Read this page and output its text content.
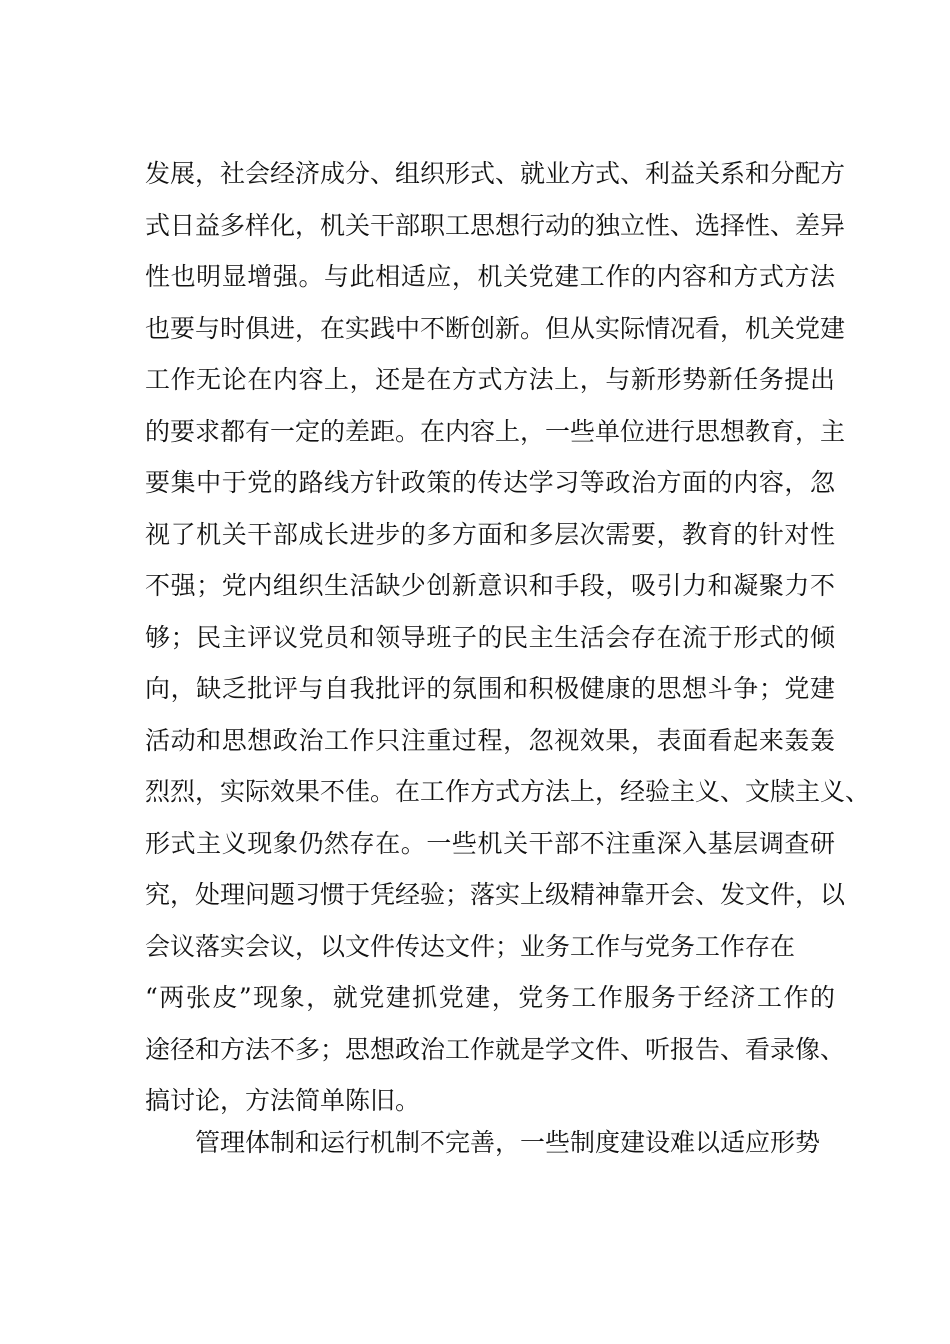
发展，社会经济成分、组织形式、就业方式、利益关系和分配方
式日益多样化，机关干部职工思想行动的独立性、选择性、差异
性也明显增强。与此相适应，机关党建工作的内容和方式方法
也要与时俱进，在实践中不断创新。但从实际情况看，机关党建
工作无论在内容上，还是在方式方法上，与新形势新任务提出
的要求都有一定的差距。在内容上，一些单位进行思想教育，主
要集中于党的路线方针政策的传达学习等政治方面的内容，忽
视了机关干部成长进步的多方面和多层次需要，教育的针对性
不强；党内组织生活缺少创新意识和手段，吸引力和凝聚力不
够；民主评议党员和领导班子的民主生活会存在流于形式的倾
向，缺乏批评与自我批评的氛围和积极健康的思想斗争；党建
活动和思想政治工作只注重过程，忽视效果，表面看起来轰轰
烈烈，实际效果不佳。在工作方式方法上，经验主义、文牍主义、
形式主义现象仍然存在。一些机关干部不注重深入基层调查研
究，处理问题习惯于凭经验；落实上级精神靠开会、发文件，以
会议落实会议，以文件传达文件；业务工作与党务工作存在
“两张皮”现象，就党建抓党建，党务工作服务于经济工作的
途径和方法不多；思想政治工作就是学文件、听报告、看录像、
搞讨论，方法简单陈旧。
管理体制和运行机制不完善，一些制度建设难以适应形势
